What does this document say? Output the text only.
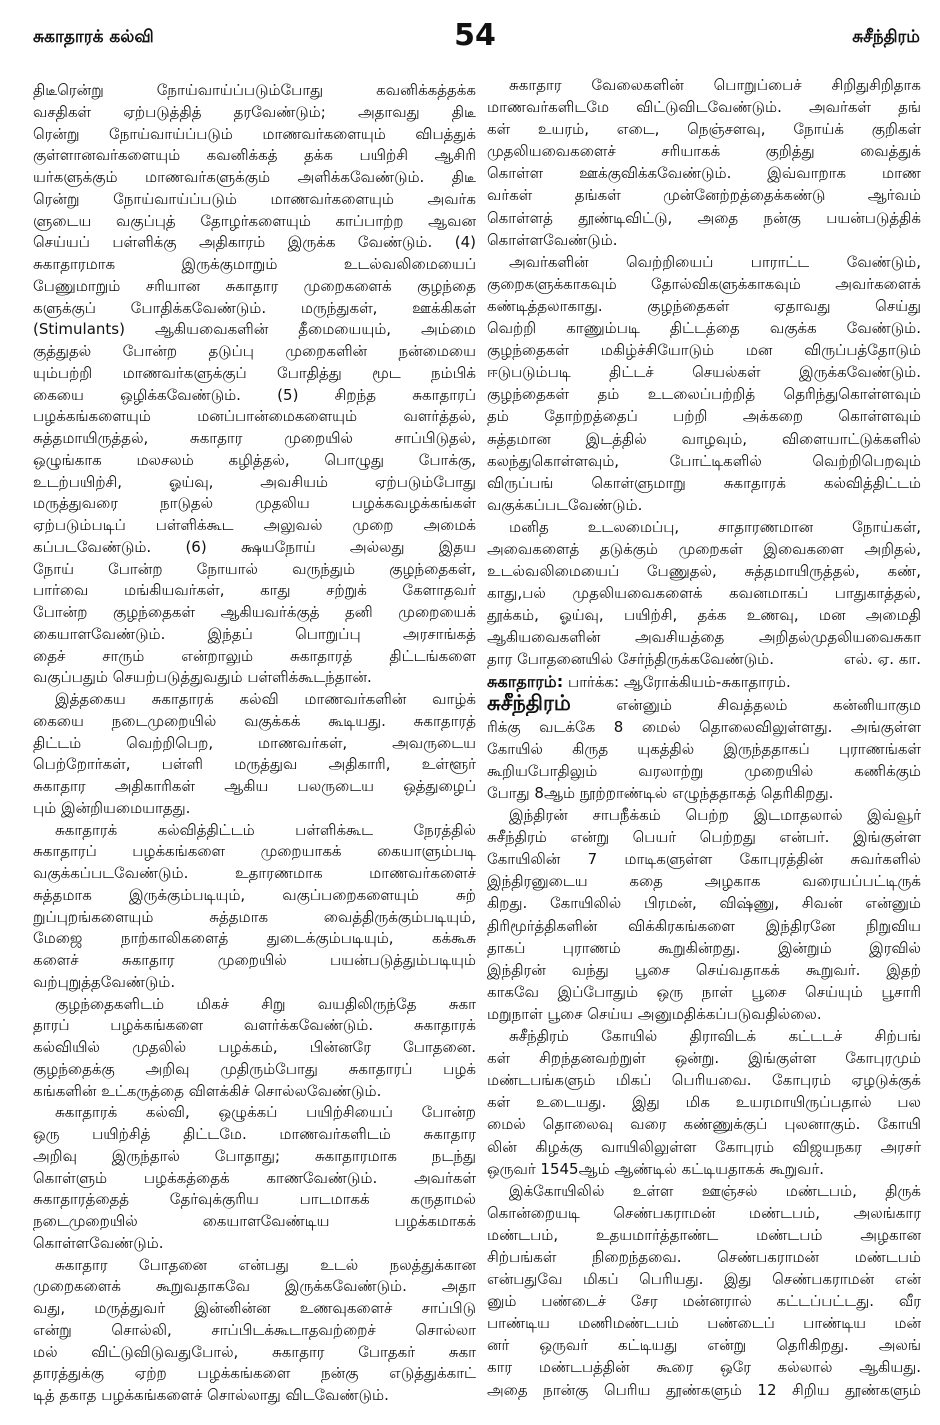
சுகாதாரக் கல்வி	54	சுசீந்திரம்
திடீரென்று நோய்வாய்ப்படும்போது கவனிக்கத்தக்க
வசதிகள் ஏற்படுத்தித் தரவேண்டும்; அதாவது திடீ
ரென்று நோய்வாய்ப்படும் மாணவர்களையும் விபத்துக்
குள்ளானவர்களையும் கவனிக்கத் தக்க பயிற்சி ஆசிரி
யர்களுக்கும் மாணவர்களுக்கும் அளிக்கவேண்டும். திடீ
ரென்று நோய்வாய்ப்படும் மாணவர்களையும் அவர்க
ளுடைய வகுப்புத் தோழர்களையும் காப்பாற்ற ஆவன
செய்யப் பள்ளிக்கு அதிகாரம் இருக்க வேண்டும். (4)
சுகாதாரமாக இருக்குமாறும் உடல்வலிமையைப்
பேணுமாறும் சரியான சுகாதார முறைகளைக் குழந்தை
களுக்குப் போதிக்கவேண்டும். மருந்துகள், ஊக்கிகள்
(Stimulants) ஆகியவைகளின் தீமையையும், அம்மை
குத்துதல் போன்ற தடுப்பு முறைகளின் நன்மையை
யும்பற்றி மாணவர்களுக்குப் போதித்து மூட நம்பிக்
கையை ஒழிக்கவேண்டும். (5) சிறந்த சுகாதாரப்
பழக்கங்களையும் மனப்பான்மைகளையும் வளர்த்தல்,
சுத்தமாயிருத்தல், சுகாதார முறையில் சாப்பிடுதல்,
ஒழுங்காக மலசலம் கழித்தல், பொழுது போக்கு,
உடற்பயிற்சி, ஓய்வு, அவசியம் ஏற்படும்போது
மருத்துவரை நாடுதல் முதலிய பழக்கவழக்கங்கள்
ஏற்படும்படிப் பள்ளிக்கூட அலுவல் முறை அமைக்
கப்படவேண்டும். (6) க்ஷயநோய் அல்லது இதய
நோய் போன்ற நோயால் வருந்தும் குழந்தைகள்,
பார்வை மங்கியவர்கள், காது சற்றுக் கேளாதவர்
போன்ற குழந்தைகள் ஆகியவர்க்குத் தனி முறையைக்
கையாளவேண்டும். இந்தப் பொறுப்பு அரசாங்கத்
தைச் சாரும் என்றாலும் சுகாதாரத் திட்டங்களை
வகுப்பதும் செயற்படுத்துவதும் பள்ளிக்கூடந்தான்.
இத்தகைய சுகாதாரக் கல்வி மாணவர்களின் வாழ்க்
கையை நடைமுறையில் வகுக்கக் கூடியது. சுகாதாரத்
திட்டம் வெற்றிபெற, மாணவர்கள், அவருடைய
பெற்றோர்கள், பள்ளி மருத்துவ அதிகாரி, உள்ளூர்
சுகாதார அதிகாரிகள் ஆகிய பலருடைய ஒத்துழைப்
பும் இன்றியமையாதது.
சுகாதாரக் கல்வித்திட்டம் பள்ளிக்கூட நேரத்தில்
சுகாதாரப் பழக்கங்களை முறையாகக் கையாளும்படி
வகுக்கப்படவேண்டும். உதாரணமாக மாணவர்களைச்
சுத்தமாக இருக்கும்படியும், வகுப்பறைகளையும் சுற்
றுப்புறங்களையும் சுத்தமாக வைத்திருக்கும்படியும்,
மேஜை நாற்காலிகளைத் துடைக்கும்படியும், கக்கூசு
களைச் சுகாதார முறையில் பயன்படுத்தும்படியும்
வற்புறுத்தவேண்டும்.
குழந்தைகளிடம் மிகச் சிறு வயதிலிருந்தே சுகா
தாரப் பழக்கங்களை வளர்க்கவேண்டும். சுகாதாரக்
கல்வியில் முதலில் பழக்கம், பின்னரே போதனை.
குழந்தைக்கு அறிவு முதிரும்போது சுகாதாரப் பழக்
கங்களின் உட்கருத்தை விளக்கிச் சொல்லவேண்டும்.
சுகாதாரக் கல்வி, ஒழுக்கப் பயிற்சியைப் போன்ற
ஒரு பயிற்சித் திட்டமே. மாணவர்களிடம் சுகாதார
அறிவு இருந்தால் போதாது; சுகாதாரமாக நடந்து
கொள்ளும் பழக்கத்தைக் காணவேண்டும். அவர்கள்
சுகாதாரத்தைத் தேர்வுக்குரிய பாடமாகக் கருதாமல்
நடைமுறையில் கையாளவேண்டிய பழக்கமாகக்
கொள்ளவேண்டும்.
சுகாதார போதனை என்பது உடல் நலத்துக்கான
முறைகளைக் கூறுவதாகவே இருக்கவேண்டும். அதா
வது, மருத்துவர் இன்னின்ன உணவுகளைச் சாப்பிடு
என்று சொல்லி, சாப்பிடக்கூடாதவற்றைச் சொல்லா
மல் விட்டுவிடுவதுபோல், சுகாதார போதகர் சுகா
தாரத்துக்கு ஏற்ற பழக்கங்களை நன்கு எடுத்துக்காட்
டித் தகாத பழக்கங்களைச் சொல்லாது விடவேண்டும்.
சுகாதார வேலைகளின் பொறுப்பைச் சிறிதுசிறிதாக
மாணவர்களிடமே விட்டுவிடவேண்டும். அவர்கள் தங்
கள் உயரம், எடை, நெஞ்சளவு, நோய்க் குறிகள்
முதலியவைகளைச் சரியாகக் குறித்து வைத்துக்
கொள்ள ஊக்குவிக்கவேண்டும். இவ்வாறாக மாண
வர்கள் தங்கள் முன்னேற்றத்தைக்கண்டு ஆர்வம்
கொள்ளத் தூண்டிவிட்டு, அதை நன்கு பயன்படுத்திக்
கொள்ளவேண்டும்.
அவர்களின் வெற்றியைப் பாராட்ட வேண்டும்,
குறைகளுக்காகவும் தோல்விகளுக்காகவும் அவர்களைக்
கண்டித்தலாகாது. குழந்தைகள் ஏதாவது செய்து
வெற்றி காணும்படி திட்டத்தை வகுக்க வேண்டும்.
குழந்தைகள் மகிழ்ச்சியோடும் மன விருப்பத்தோடும்
ஈடுபடும்படி திட்டச் செயல்கள் இருக்கவேண்டும்.
குழந்தைகள் தம் உடலைப்பற்றித் தெரிந்துகொள்ளவும்
தம் தோற்றத்தைப் பற்றி அக்கறை கொள்ளவும்
சுத்தமான இடத்தில் வாழவும், விளையாட்டுக்களில்
கலந்துகொள்ளவும், போட்டிகளில் வெற்றிபெறவும்
விருப்பங் கொள்ளுமாறு சுகாதாரக் கல்வித்திட்டம்
வகுக்கப்படவேண்டும்.
மனித உடலமைப்பு, சாதாரணமான நோய்கள்,
அவைகளைத் தடுக்கும் முறைகள் இவைகளை அறிதல்,
உடல்வலிமையைப் பேணுதல், சுத்தமாயிருத்தல், கண்,
காது,பல் முதலியவைகளைக் கவனமாகப் பாதுகாத்தல்,
தூக்கம், ஓய்வு, பயிற்சி, தக்க உணவு, மன அமைதி
ஆகியவைகளின் அவசியத்தை அறிதல்முதலியவைசுகா
தார போதனையில் சேர்ந்திருக்கவேண்டும்.	எல். ஏ. கா.
சுகாதாரம்: பார்க்க: ஆரோக்கியம்-சுகாதாரம்.
சுசீந்திரம்	என்னும் சிவத்தலம் கன்னியாகும
ரிக்கு வடக்கே 8 மைல் தொலைவிலுள்ளது. அங்குள்ள
கோயில் கிருத யுகத்தில் இருந்ததாகப் புராணங்கள்
கூறியபோதிலும் வரலாற்று முறையில் கணிக்கும்
போது 8ஆம் நூற்றாண்டில் எழுந்ததாகத் தெரிகிறது.
இந்திரன் சாபநீக்கம் பெற்ற இடமாதலால் இவ்வூர்
சுசீந்திரம் என்று பெயர் பெற்றது என்பர். இங்குள்ள
கோயிலின் 7 மாடிகளுள்ள கோபுரத்தின் சுவர்களில்
இந்திரனுடைய கதை அழகாக வரையப்பட்டிருக்
கிறது. கோயிலில் பிரமன், விஷ்ணு, சிவன் என்னும்
திரிமூர்த்திகளின் விக்கிரகங்களை இந்திரனே நிறுவிய
தாகப் புராணம் கூறுகின்றது. இன்றும் இரவில்
இந்திரன் வந்து பூசை செய்வதாகக் கூறுவர். இதற்
காகவே இப்போதும் ஒரு நாள் பூசை செய்யும் பூசாரி
மறுநாள் பூசை செய்ய அனுமதிக்கப்படுவதில்லை.
சுசீந்திரம் கோயில் திராவிடக் கட்டடச் சிற்பங்
கள் சிறந்தனவற்றுள் ஒன்று. இங்குள்ள கோபுரமும்
மண்டபங்களும் மிகப் பெரியவை. கோபுரம் ஏழடுக்குக்
கள் உடையது. இது மிக உயரமாயிருப்பதால் பல
மைல் தொலைவு வரை கண்ணுக்குப் புலனாகும். கோயி
லின் கிழக்கு வாயிலிலுள்ள கோபுரம் விஜயநகர அரசர்
ஒருவர் 1545ஆம் ஆண்டில் கட்டியதாகக் கூறுவர்.
இக்கோயிலில் உள்ள ஊஞ்சல் மண்டபம், திருக்
கொன்றையடி செண்பகராமன் மண்டபம், அலங்கார
மண்டபம், உதயமார்த்தாண்ட மண்டபம் அழகான
சிற்பங்கள் நிறைந்தவை. செண்பகராமன் மண்டபம்
என்பதுவே மிகப் பெரியது. இது செண்பகராமன் என்
னும் பண்டைச் சேர மன்னரால் கட்டப்பட்டது. வீர
பாண்டிய மணிமண்டபம் பண்டைப் பாண்டிய மன்
னர் ஒருவர் கட்டியது என்று தெரிகிறது. அலங்
கார மண்டபத்தின் கூரை ஒரே கல்லால் ஆகியது.
அதை நான்கு பெரிய தூண்களும் 12 சிறிய தூண்களும்
